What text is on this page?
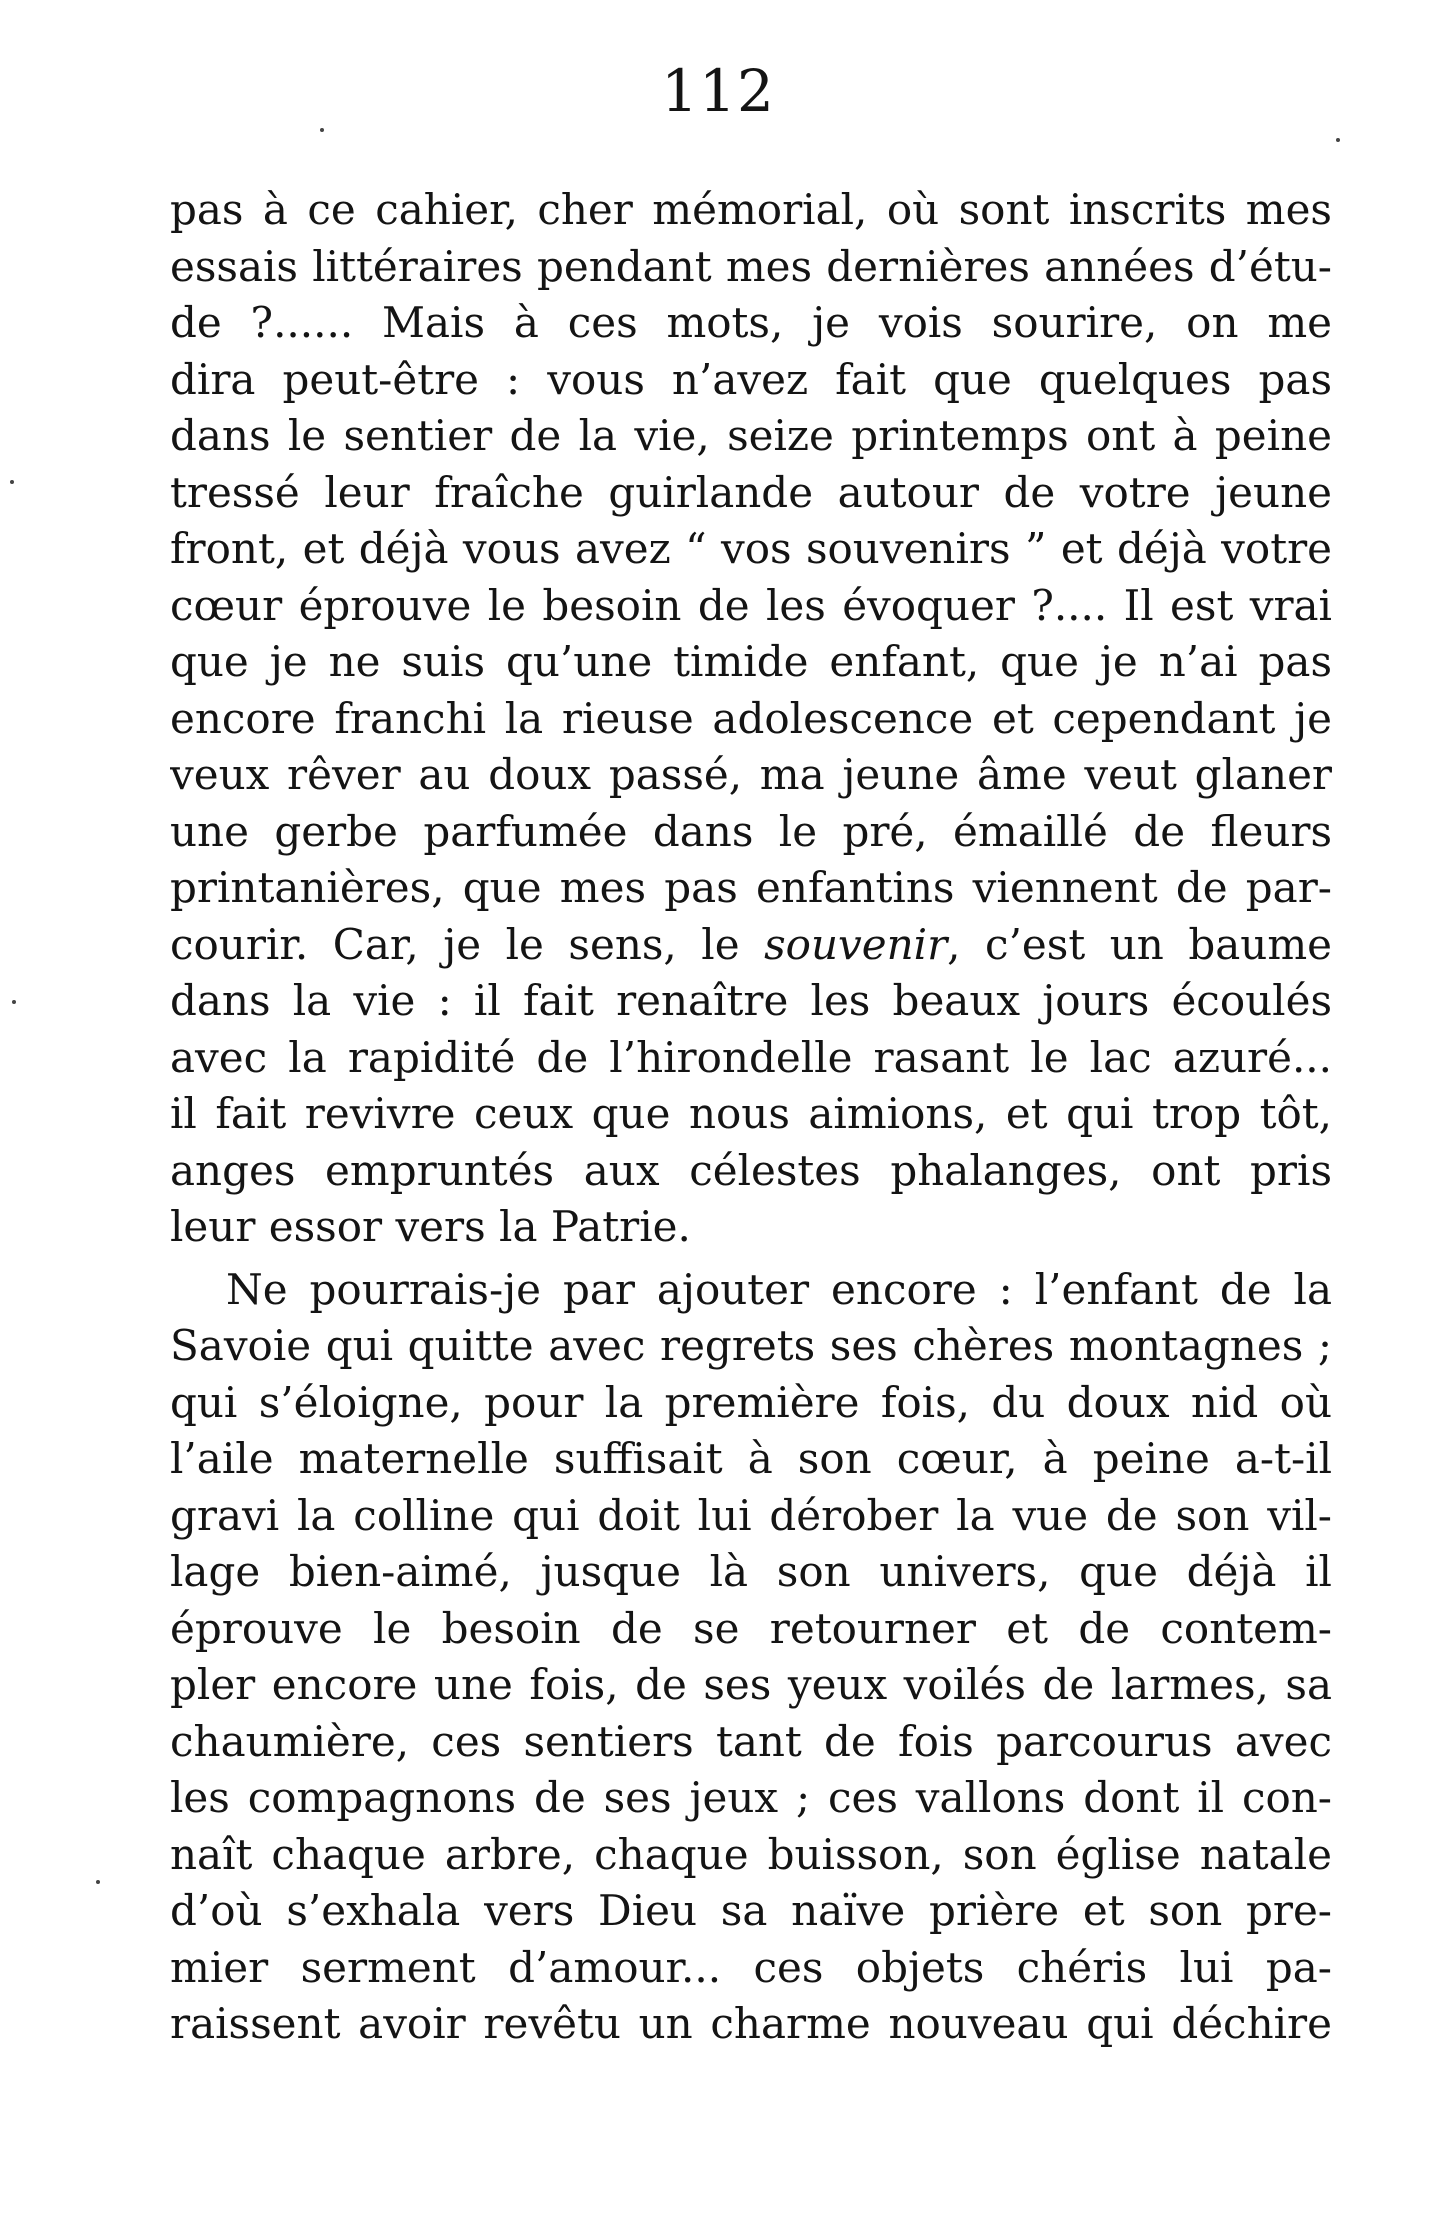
112
pas à ce cahier, cher mémorial, où sont inscrits mes
essais littéraires pendant mes dernières années d’étu-
de ?...... Mais à ces mots, je vois sourire, on me
dira peut-être : vous n’avez fait que quelques pas
dans le sentier de la vie, seize printemps ont à peine
tressé leur fraîche guirlande autour de votre jeune
front, et déjà vous avez “ vos souvenirs ” et déjà votre
cœur éprouve le besoin de les évoquer ?.... Il est vrai
que je ne suis qu’une timide enfant, que je n’ai pas
encore franchi la rieuse adolescence et cependant je
veux rêver au doux passé, ma jeune âme veut glaner
une gerbe parfumée dans le pré, émaillé de fleurs
printanières, que mes pas enfantins viennent de par-
courir. Car, je le sens, le souvenir, c’est un baume
dans la vie : il fait renaître les beaux jours écoulés
avec la rapidité de l’hirondelle rasant le lac azuré...
il fait revivre ceux que nous aimions, et qui trop tôt,
anges empruntés aux célestes phalanges, ont pris
leur essor vers la Patrie.
Ne pourrais-je par ajouter encore : l’enfant de la
Savoie qui quitte avec regrets ses chères montagnes ;
qui s’éloigne, pour la première fois, du doux nid où
l’aile maternelle suffisait à son cœur, à peine a-t-il
gravi la colline qui doit lui dérober la vue de son vil-
lage bien-aimé, jusque là son univers, que déjà il
éprouve le besoin de se retourner et de contem-
pler encore une fois, de ses yeux voilés de larmes, sa
chaumière, ces sentiers tant de fois parcourus avec
les compagnons de ses jeux ; ces vallons dont il con-
naît chaque arbre, chaque buisson, son église natale
d’où s’exhala vers Dieu sa naïve prière et son pre-
mier serment d’amour... ces objets chéris lui pa-
raissent avoir revêtu un charme nouveau qui déchire
